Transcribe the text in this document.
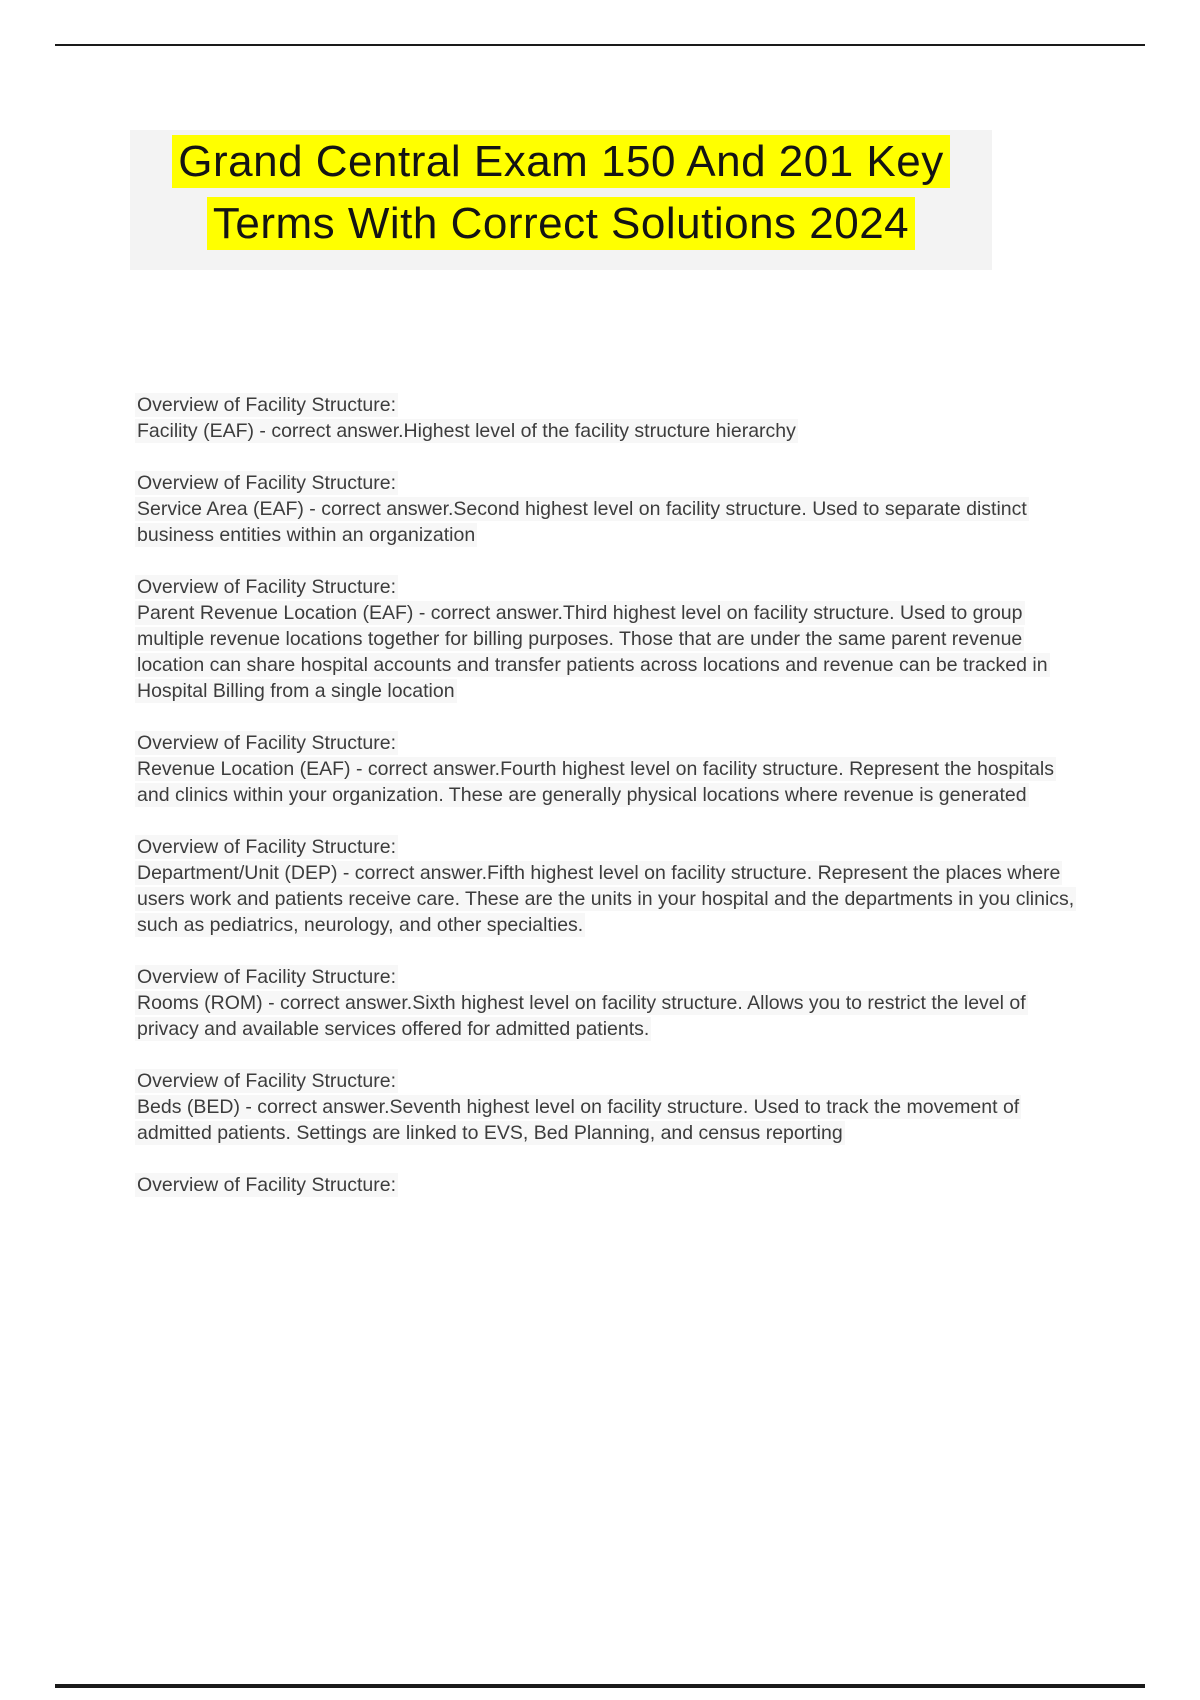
Grand Central Exam 150 And 201 Key
Terms With Correct Solutions 2024

Overview of Facility Structure:

Facility (EAF) - correct answer.Highest level of the facility structure hierarchy

Overview of Facility Structure:

Service Area (EAF) - correct answer.Second highest level on facility structure. Used to separate distinct business entities within an organization

Overview of Facility Structure:

Parent Revenue Location (EAF) - correct answer.Third highest level on facility structure. Used to group multiple revenue locations together for billing purposes. Those that are under the same parent revenue location can share hospital accounts and transfer patients across locations and revenue can be tracked in Hospital Billing from a single location

Overview of Facility Structure:

Revenue Location (EAF) - correct answer.Fourth highest level on facility structure. Represent the hospitals and clinics within your organization. These are generally physical locations where revenue is generated

Overview of Facility Structure:

Department/Unit (DEP) - correct answer.Fifth highest level on facility structure. Represent the places where users work and patients receive care. These are the units in your hospital and the departments in you clinics, such as pediatrics, neurology, and other specialties.

Overview of Facility Structure:

Rooms (ROM) - correct answer.Sixth highest level on facility structure. Allows you to restrict the level of privacy and available services offered for admitted patients.

Overview of Facility Structure:

Beds (BED) - correct answer.Seventh highest level on facility structure. Used to track the movement of admitted patients. Settings are linked to EVS, Bed Planning, and census reporting

Overview of Facility Structure:
